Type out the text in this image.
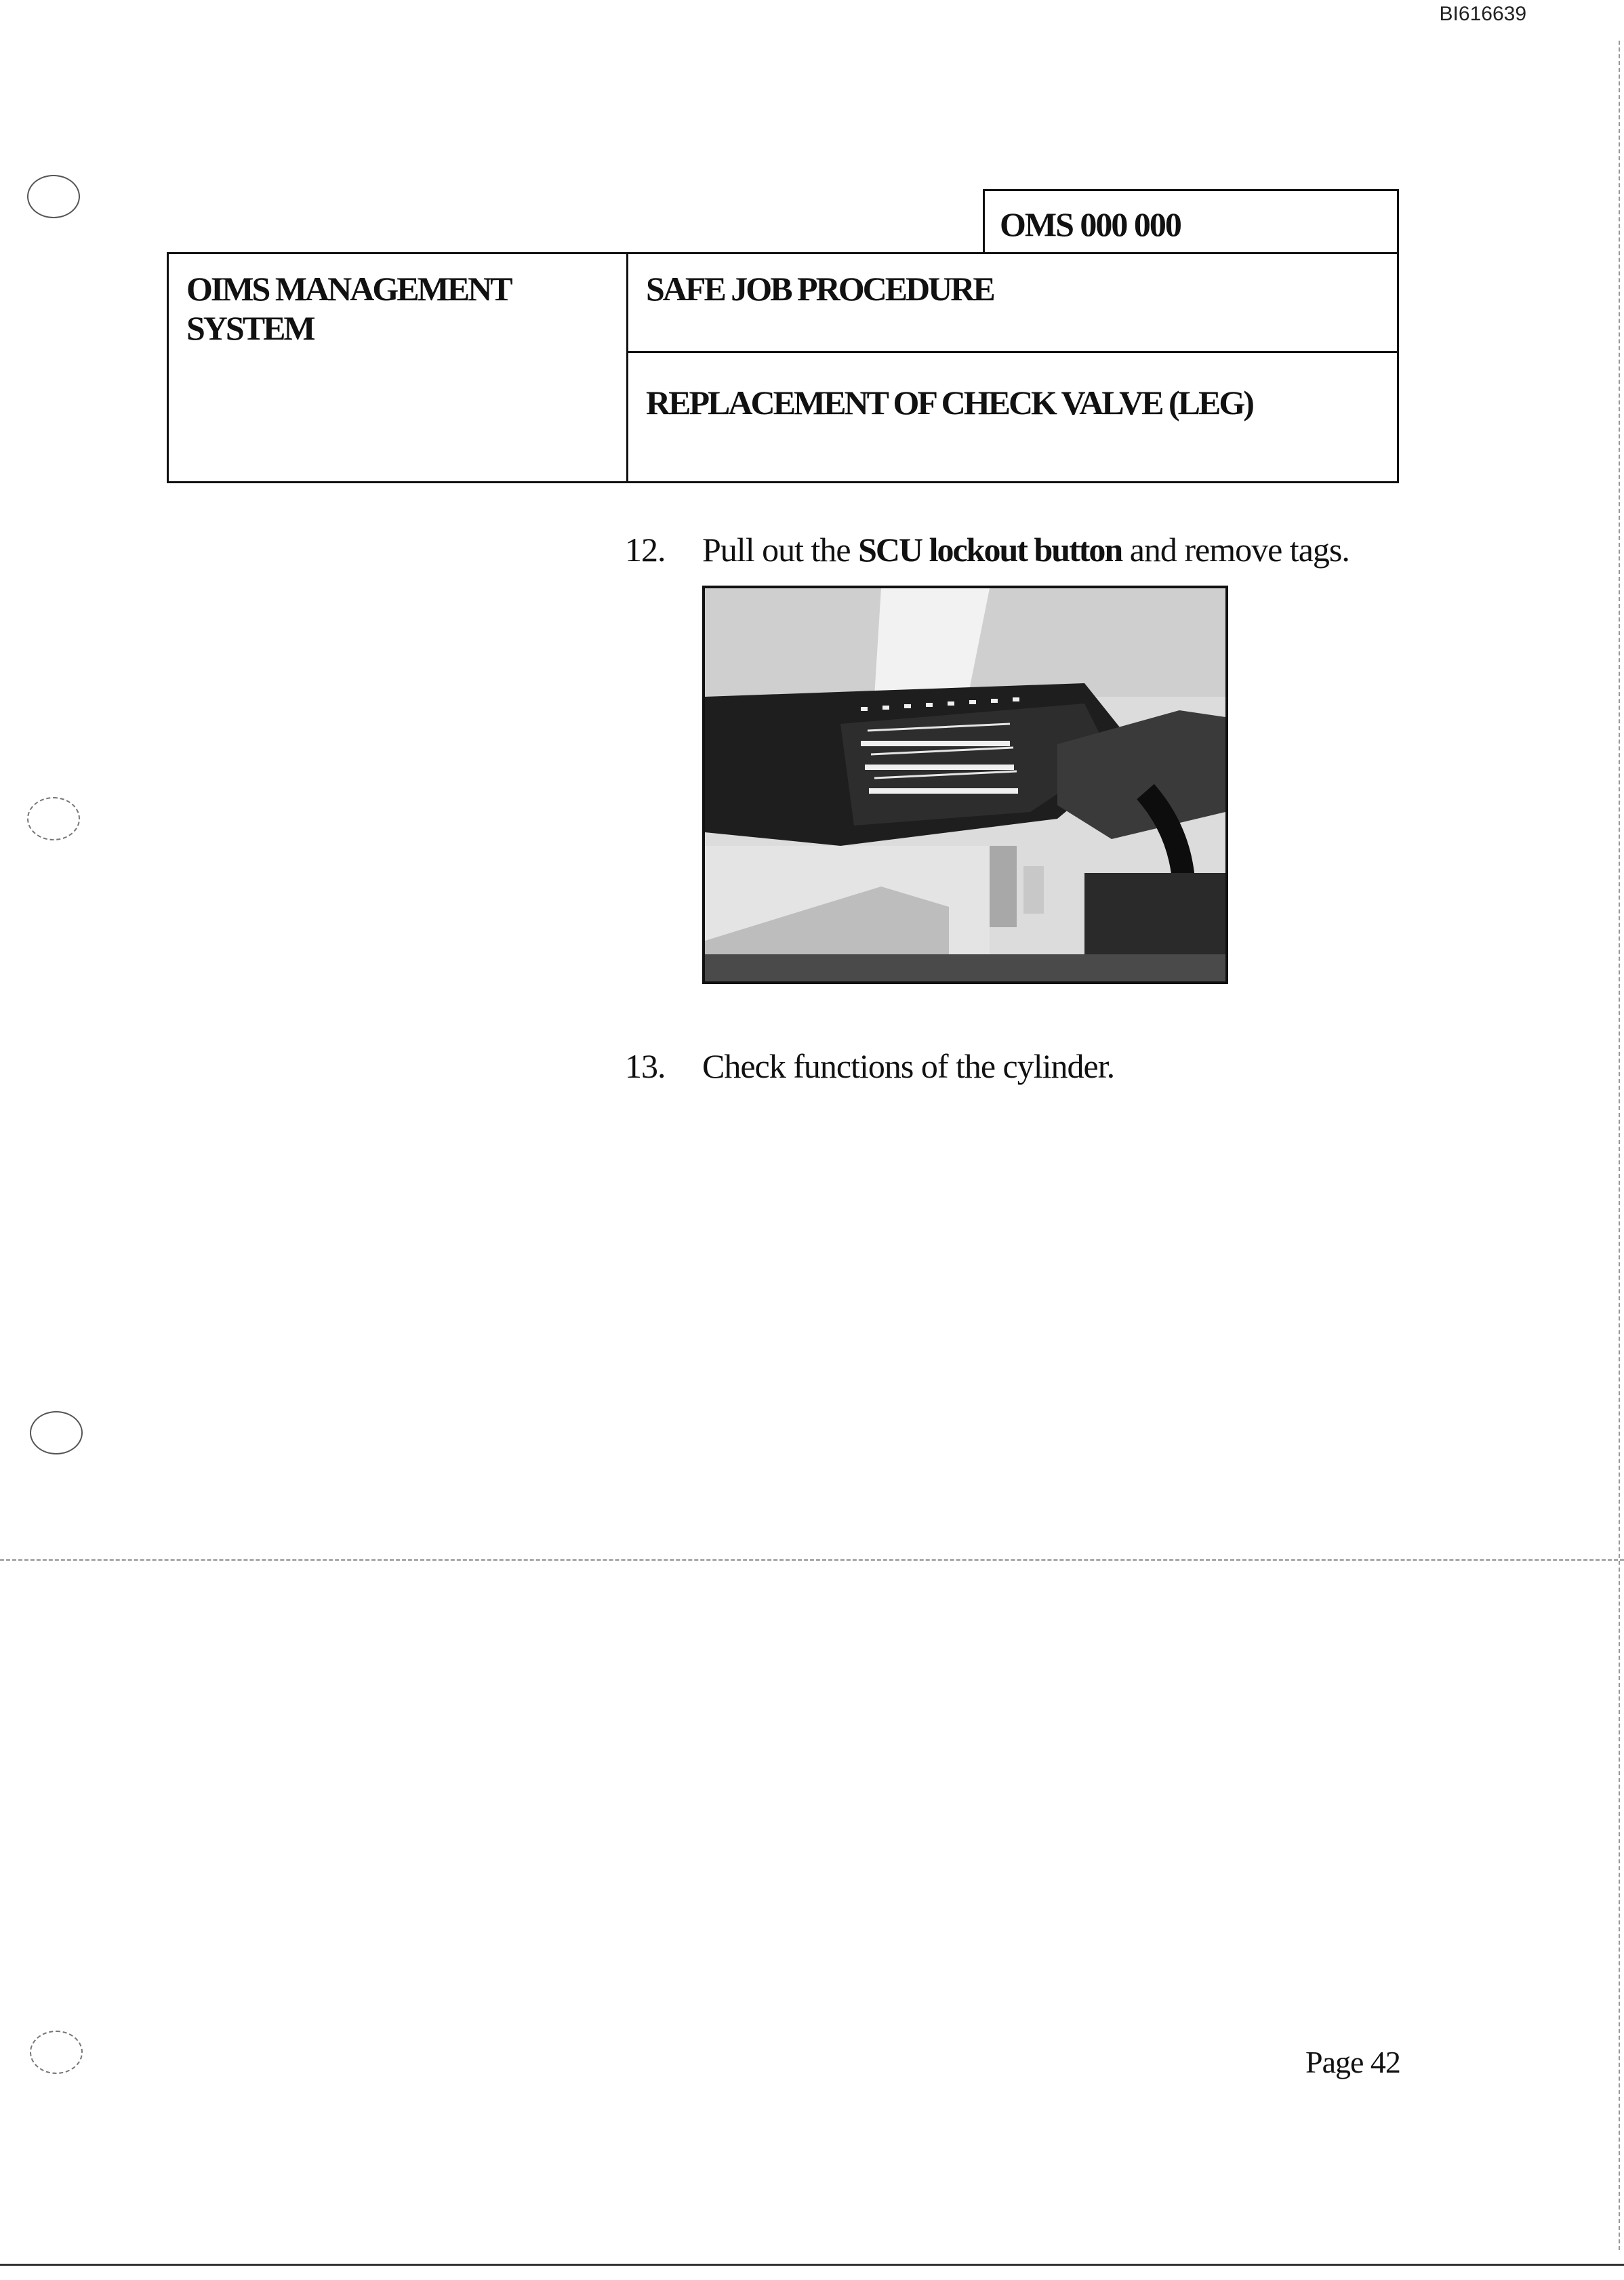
BI616639
OMS 000 000
OIMS MANAGEMENT SYSTEM
SAFE JOB PROCEDURE
REPLACEMENT OF CHECK VALVE (LEG)
12. Pull out the SCU lockout button and remove tags.
13. Check functions of the cylinder.
Page 42
